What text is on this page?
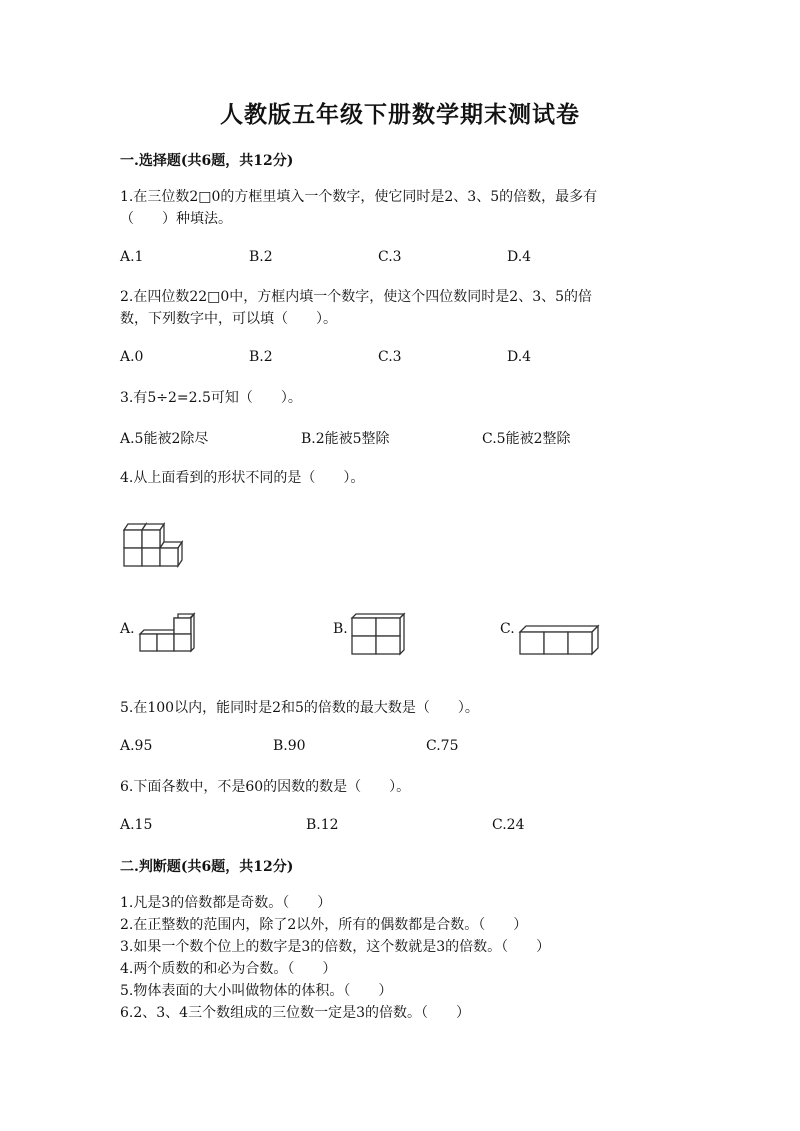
人教版五年级下册数学期末测试卷
一.选择题(共6题，共12分)
1.在三位数2□0的方框里填入一个数字，使它同时是2、3、5的倍数，最多有
（　　）种填法。
A.1	B.2	C.3	D.4
2.在四位数22□0中，方框内填一个数字，使这个四位数同时是2、3、5的倍
数，下列数字中，可以填（　　）。
A.0	B.2	C.3	D.4
3.有5÷2=2.5可知（　　）。
A.5能被2除尽	B.2能被5整除	C.5能被2整除
4.从上面看到的形状不同的是（　　）。
A.	B.	C.
5.在100以内，能同时是2和5的倍数的最大数是（　　）。
A.95	B.90	C.75
6.下面各数中，不是60的因数的数是（　　）。
A.15	B.12	C.24
二.判断题(共6题，共12分)
1.凡是3的倍数都是奇数。（　　）
2.在正整数的范围内，除了2以外，所有的偶数都是合数。（　　）
3.如果一个数个位上的数字是3的倍数，这个数就是3的倍数。（　　）
4.两个质数的和必为合数。（　　）
5.物体表面的大小叫做物体的体积。（　　）
6.2、3、4三个数组成的三位数一定是3的倍数。（　　）
